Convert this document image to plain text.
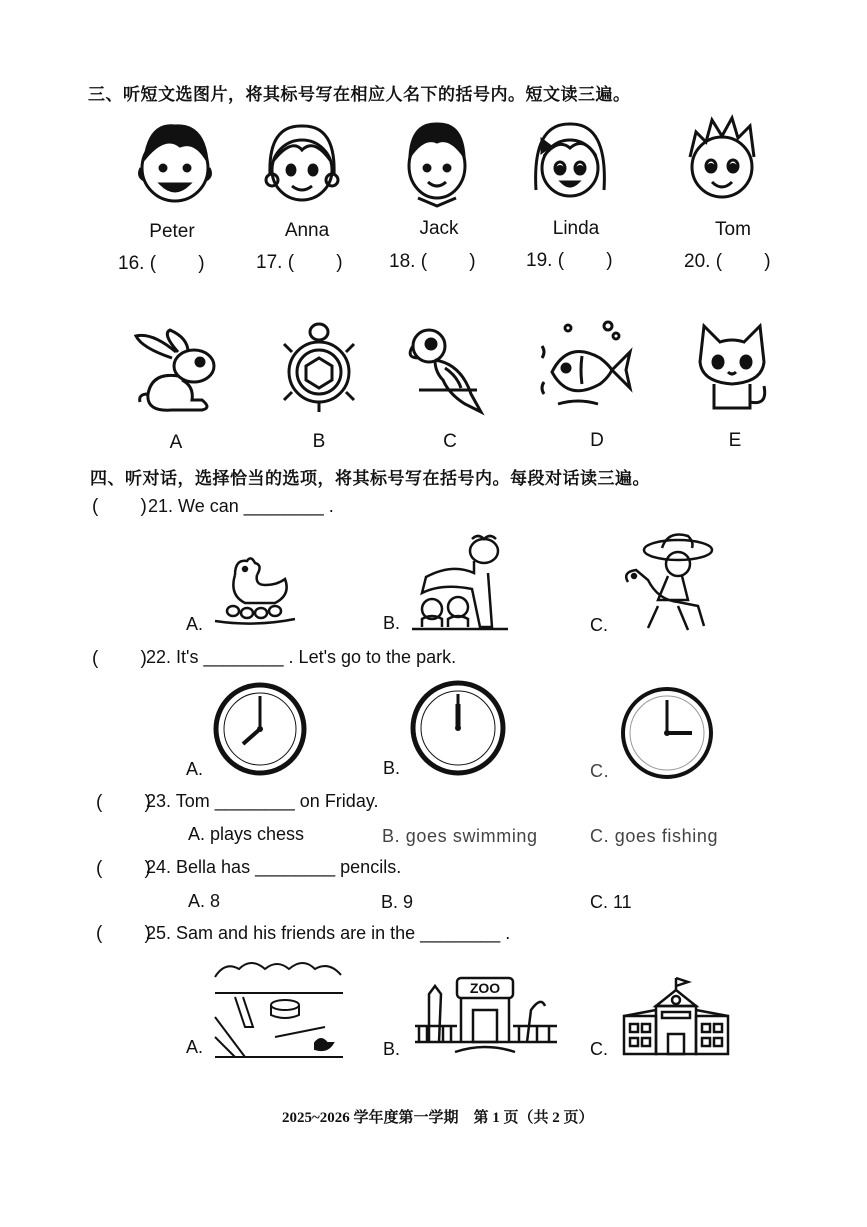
三、听短文选图片，将其标号写在相应人名下的括号内。短文读三遍。
Peter	Anna	Jack	Linda	Tom
16. (        )	17. (        ) 18. (        )	19. (        )	20. (        )
A	B	C	D	E
四、听对话，选择恰当的选项，将其标号写在括号内。每段对话读三遍。
(        ) 21. We can ________ .
A.	B.	C.
(        ) 22. It's ________ . Let's go to the park.
A.	B.	C.
(        )
23. Tom ________ on Friday.
A. plays chess	B. goes swimming	C. goes fishing
(        )
24. Bella has ________ pencils.
A. 8	B. 9	C. 11
(        )
25. Sam and his friends are in the ________ .
ZOO
A.	B.	C.
2025~2026 学年度第一学期    第 1 页（共 2 页）
